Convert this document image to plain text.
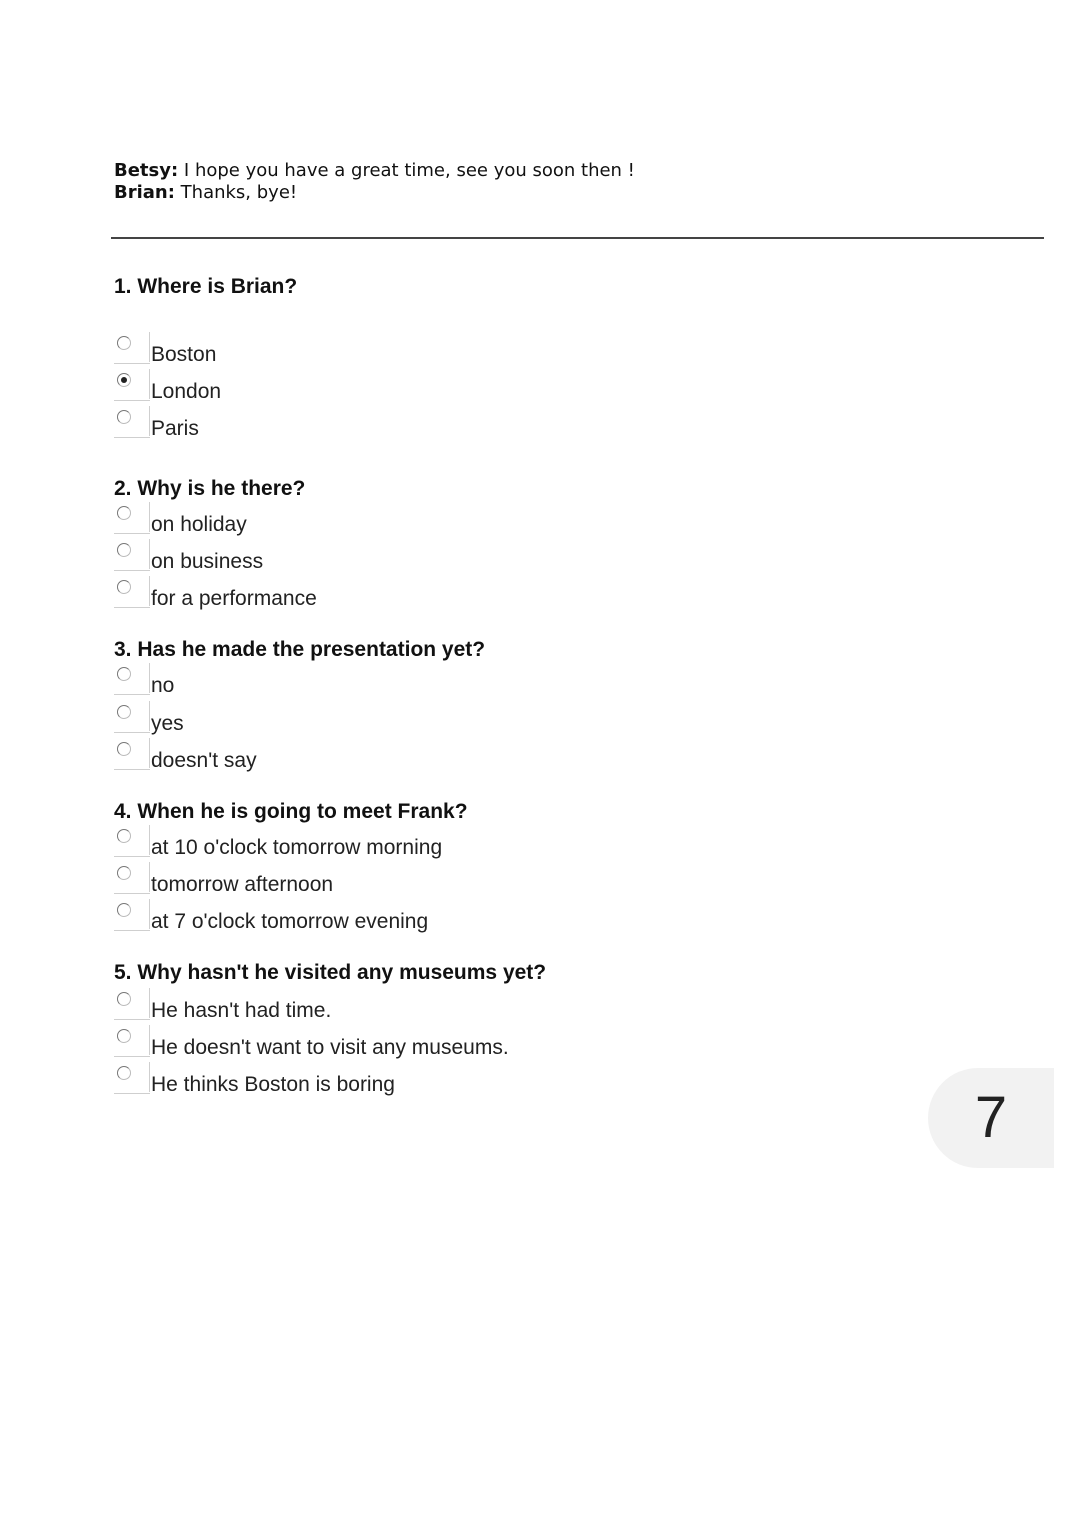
Betsy: I hope you have a great time, see you soon then !
Brian: Thanks, bye!
1. Where is Brian?
Boston
London
Paris
2. Why is he there?
on holiday
on business
for a performance
3. Has he made the presentation yet?
no
yes
doesn't say
4. When he is going to meet Frank?
at 10 o'clock tomorrow morning
tomorrow afternoon
at 7 o'clock tomorrow evening
5. Why hasn't he visited any museums yet?
He hasn't had time.
He doesn't want to visit any museums.
He thinks Boston is boring
7
